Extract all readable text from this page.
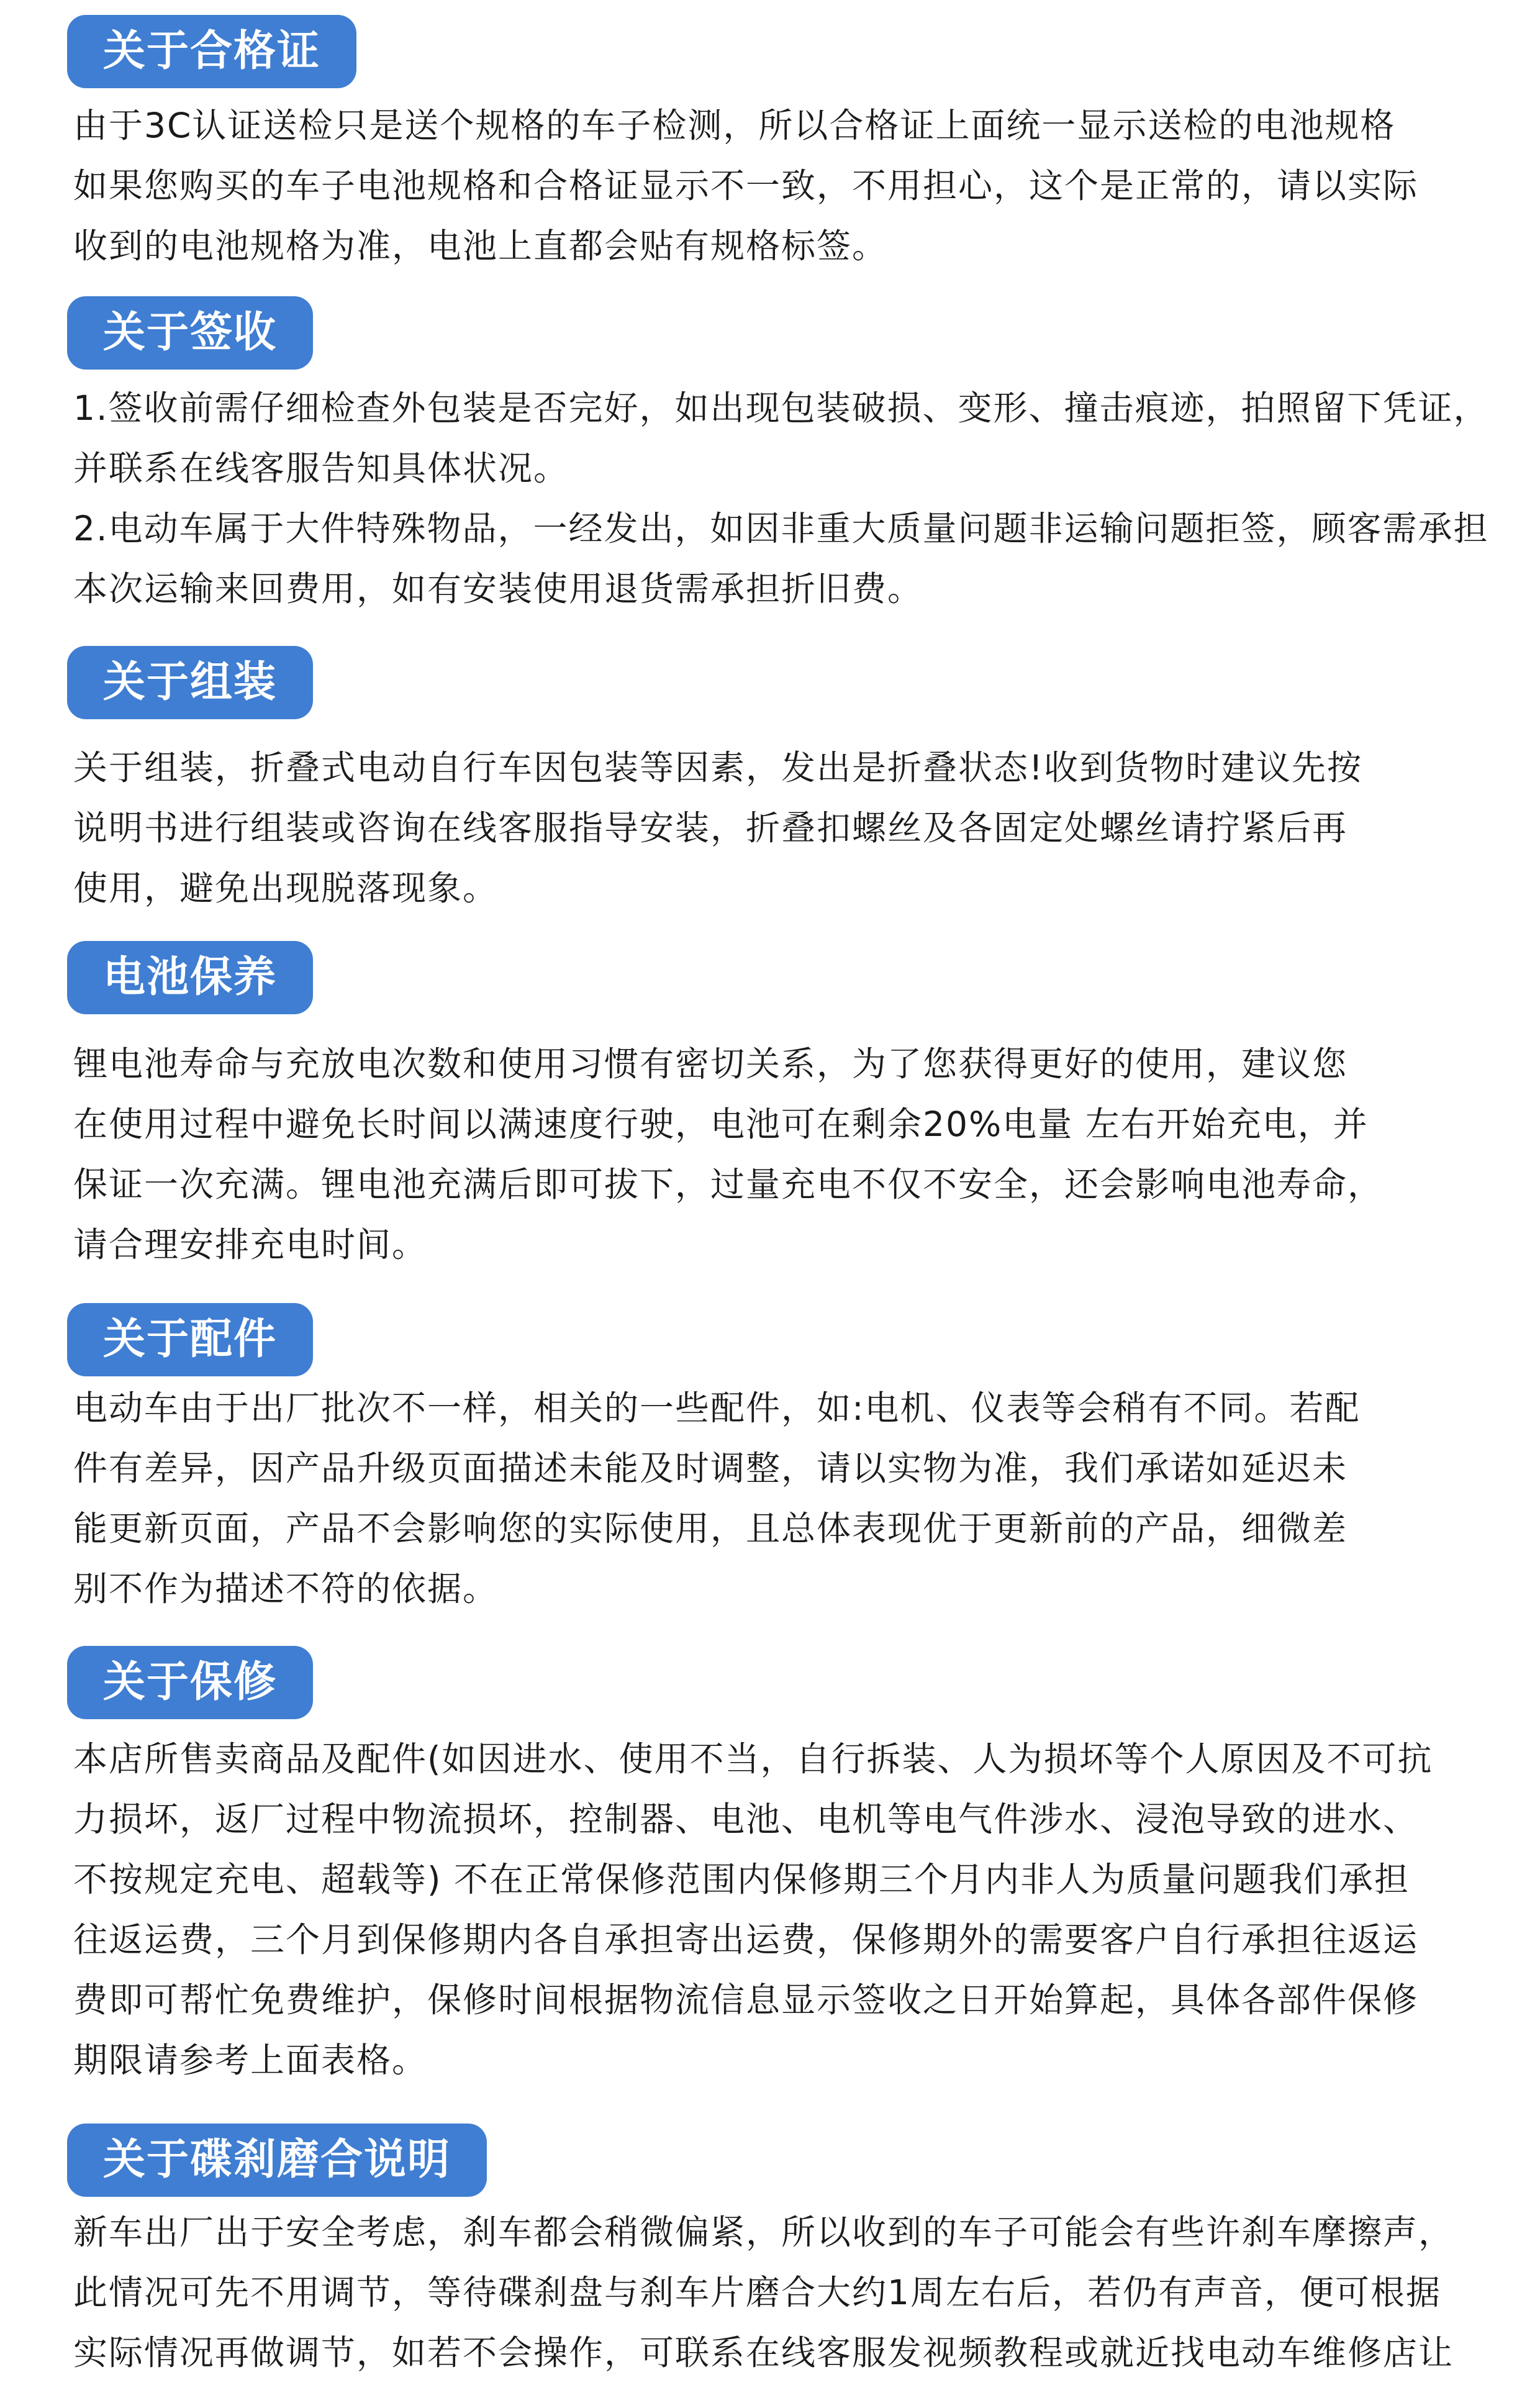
关于合格证
由于3C认证送检只是送个规格的车子检测，所以合格证上面统一显示送检的电池规格
如果您购买的车子电池规格和合格证显示不一致，不用担心，这个是正常的，请以实际
收到的电池规格为准，电池上直都会贴有规格标签。
关于签收
1.签收前需仔细检查外包装是否完好，如出现包装破损、变形、撞击痕迹，拍照留下凭证，
并联系在线客服告知具体状况。
2.电动车属于大件特殊物品，一经发出，如因非重大质量问题非运输问题拒签，顾客需承担
本次运输来回费用，如有安装使用退货需承担折旧费。
关于组装
关于组装，折叠式电动自行车因包装等因素，发出是折叠状态!收到货物时建议先按
说明书进行组装或咨询在线客服指导安装，折叠扣螺丝及各固定处螺丝请拧紧后再
使用，避免出现脱落现象。
电池保养
锂电池寿命与充放电次数和使用习惯有密切关系，为了您获得更好的使用，建议您
在使用过程中避免长时间以满速度行驶，电池可在剩余20%电量 左右开始充电，并
保证一次充满。锂电池充满后即可拔下，过量充电不仅不安全，还会影响电池寿命，
请合理安排充电时间。
关于配件
电动车由于出厂批次不一样，相关的一些配件，如:电机、仪表等会稍有不同。若配
件有差异，因产品升级页面描述未能及时调整，请以实物为准，我们承诺如延迟未
能更新页面，产品不会影响您的实际使用，且总体表现优于更新前的产品，细微差
别不作为描述不符的依据。
关于保修
本店所售卖商品及配件(如因进水、使用不当，自行拆装、人为损坏等个人原因及不可抗
力损坏，返厂过程中物流损坏，控制器、电池、电机等电气件涉水、浸泡导致的进水、
不按规定充电、超载等) 不在正常保修范围内保修期三个月内非人为质量问题我们承担
往返运费，三个月到保修期内各自承担寄出运费，保修期外的需要客户自行承担往返运
费即可帮忙免费维护，保修时间根据物流信息显示签收之日开始算起，具体各部件保修
期限请参考上面表格。
关于碟刹磨合说明
新车出厂出于安全考虑，刹车都会稍微偏紧，所以收到的车子可能会有些许刹车摩擦声，
此情况可先不用调节，等待碟刹盘与刹车片磨合大约1周左右后，若仍有声音，便可根据
实际情况再做调节，如若不会操作，可联系在线客服发视频教程或就近找电动车维修店让
